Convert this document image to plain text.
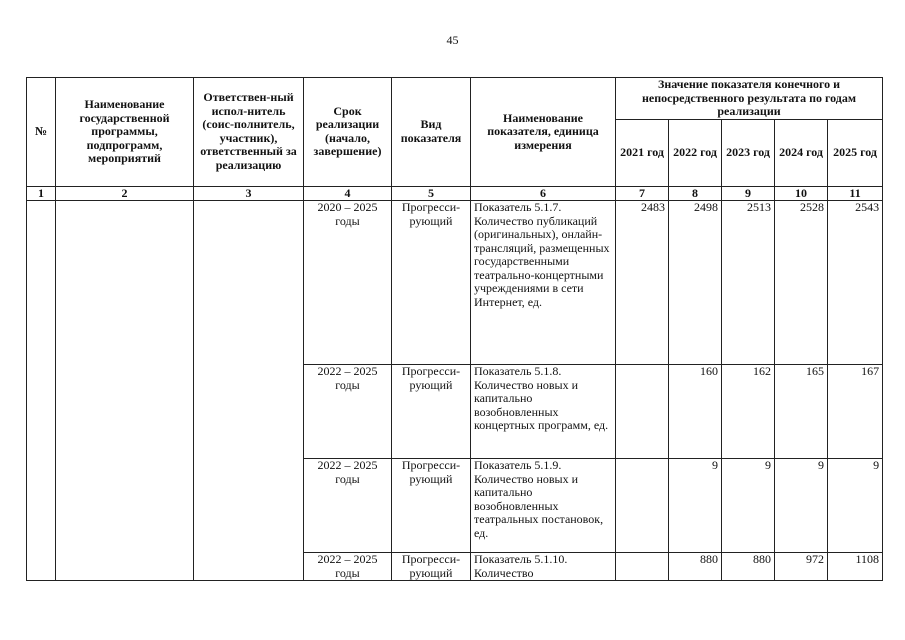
45
№	Наименование государственной программы, подпрограмм, мероприятий	Ответствен-ный испол-нитель (соис-полнитель, участник), ответственный за реализацию	Срок реализации (начало, завершение)	Вид показателя	Наименование показателя, единица измерения	Значение показателя конечного и непосредственного результата по годам реализации				
						2021 год	2022 год	2023 год	2024 год	2025 год
1	2	3	4	5	6	7	8	9	10	11
			2020 – 2025 годы	Прогресси-рующий	Показатель 5.1.7. Количество публикаций (оригинальных), онлайн-трансляций, размещенных государственными театрально-концертными учреждениями в сети Интернет, ед.	2483	2498	2513	2528	2543
			2022 – 2025 годы	Прогресси-рующий	Показатель 5.1.8. Количество новых и капитально возобновленных концертных программ, ед.		160	162	165	167
			2022 – 2025 годы	Прогресси-рующий	Показатель 5.1.9. Количество новых и капитально возобновленных театральных постановок, ед.		9	9	9	9
			2022 – 2025 годы	Прогресси-рующий	Показатель 5.1.10. Количество		880	880	972	1108
